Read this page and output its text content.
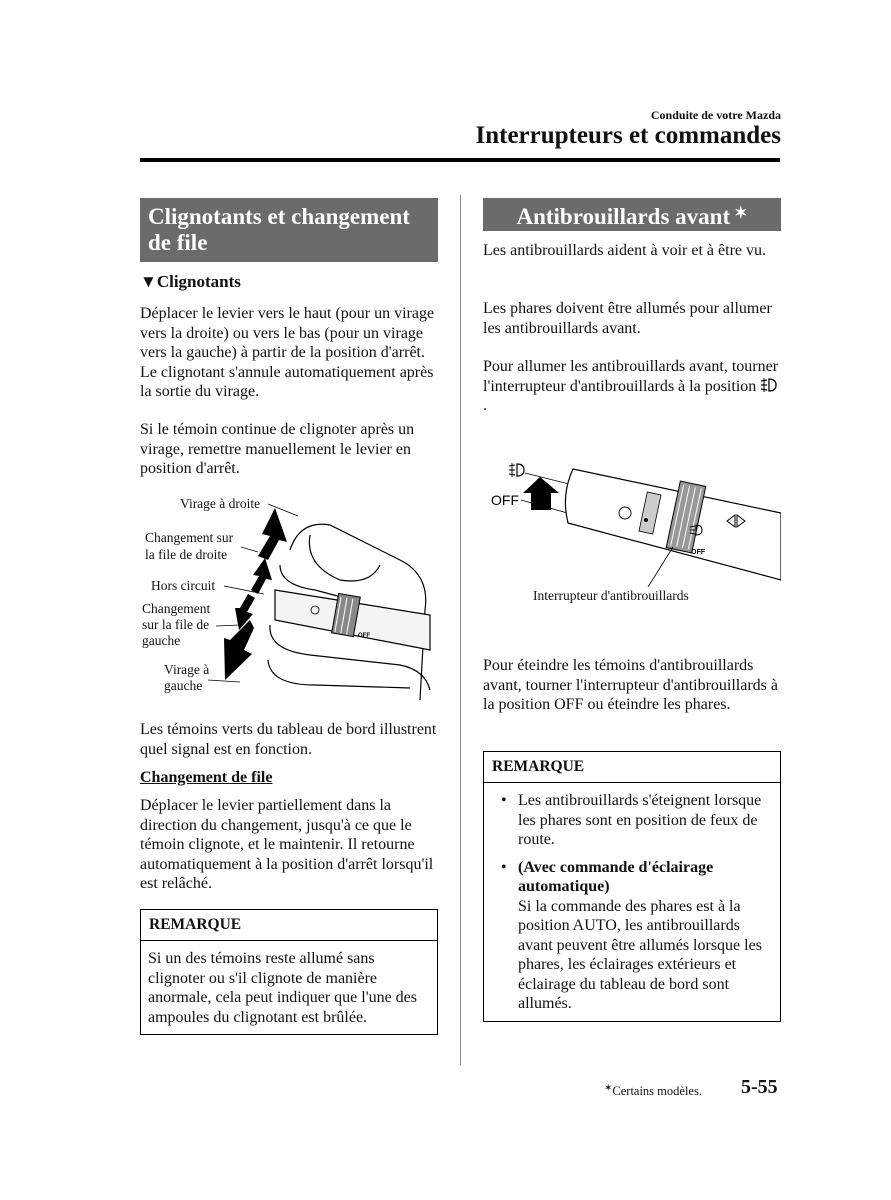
Conduite de votre Mazda
Interrupteurs et commandes
Clignotants et changement de file
▼Clignotants
Déplacer le levier vers le haut (pour un virage vers la droite) ou vers le bas (pour un virage vers la gauche) à partir de la position d'arrêt. Le clignotant s'annule automatiquement après la sortie du virage.
Si le témoin continue de clignoter après un virage, remettre manuellement le levier en position d'arrêt.
Virage à droite
Changement sur
la file de droite
Hors circuit
Changement
sur la file de
gauche
Virage à
gauche
OFF
Les témoins verts du tableau de bord illustrent quel signal est en fonction.
Changement de file
Déplacer le levier partiellement dans la direction du changement, jusqu'à ce que le témoin clignote, et le maintenir. Il retourne automatiquement à la position d'arrêt lorsqu'il est relâché.
REMARQUE
Si un des témoins reste allumé sans clignoter ou s'il clignote de manière anormale, cela peut indiquer que l'une des ampoules du clignotant est brûlée.
Antibrouillards avant ✶
Les antibrouillards aident à voir et à être vu.
Les phares doivent être allumés pour allumer les antibrouillards avant.
Pour allumer les antibrouillards avant, tourner l'interrupteur d'antibrouillards à la position  .
OFF
OFF
Interrupteur d'antibrouillards
Pour éteindre les témoins d'antibrouillards avant, tourner l'interrupteur d'antibrouillards à la position OFF ou éteindre les phares.
REMARQUE
• Les antibrouillards s'éteignent lorsque les phares sont en position de feux de route.
• (Avec commande d'éclairage automatique)
Si la commande des phares est à la position AUTO, les antibrouillards avant peuvent être allumés lorsque les phares, les éclairages extérieurs et éclairage du tableau de bord sont allumés.
✶Certains modèles. 5-55
